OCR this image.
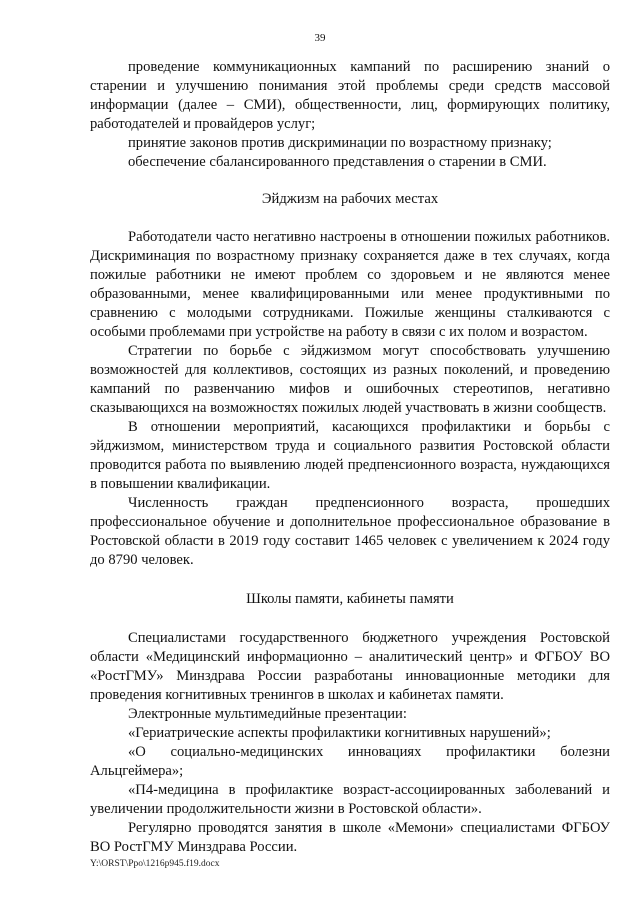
39

проведение коммуникационных кампаний по расширению знаний о старении и улучшению понимания этой проблемы среди средств массовой информации (далее – СМИ), общественности, лиц, формирующих политику, работодателей и провайдеров услуг;

принятие законов против дискриминации по возрастному признаку;

обеспечение сбалансированного представления о старении в СМИ.

Эйджизм на рабочих местах

Работодатели часто негативно настроены в отношении пожилых работников. Дискриминация по возрастному признаку сохраняется даже в тех случаях, когда пожилые работники не имеют проблем со здоровьем и не являются менее образованными, менее квалифицированными или менее продуктивными по сравнению с молодыми сотрудниками. Пожилые женщины сталкиваются с особыми проблемами при устройстве на работу в связи с их полом и возрастом.

Стратегии по борьбе с эйджизмом могут способствовать улучшению возможностей для коллективов, состоящих из разных поколений, и проведению кампаний по развенчанию мифов и ошибочных стереотипов, негативно сказывающихся на возможностях пожилых людей участвовать в жизни сообществ.

В отношении мероприятий, касающихся профилактики и борьбы с эйджизмом, министерством труда и социального развития Ростовской области проводится работа по выявлению людей предпенсионного возраста, нуждающихся в повышении квалификации.

Численность граждан предпенсионного возраста, прошедших профессиональное обучение и дополнительное профессиональное образование в Ростовской области в 2019 году составит 1465 человек с увеличением к 2024 году до 8790 человек.

Школы памяти, кабинеты памяти

Специалистами государственного бюджетного учреждения Ростовской области «Медицинский информационно – аналитический центр» и ФГБОУ ВО «РостГМУ» Минздрава России разработаны инновационные методики для проведения когнитивных тренингов в школах и кабинетах памяти.

Электронные мультимедийные презентации:

«Гериатрические аспекты профилактики когнитивных нарушений»;

«О социально-медицинских инновациях профилактики болезни Альцгеймера»;

«П4-медицина в профилактике возраст-ассоциированных заболеваний и увеличении продолжительности жизни в Ростовской области».

Регулярно проводятся занятия в школе «Мемони» специалистами ФГБОУ ВО РостГМУ Минздрава России.

Y:\ORST\Ppo\1216p945.f19.docx
